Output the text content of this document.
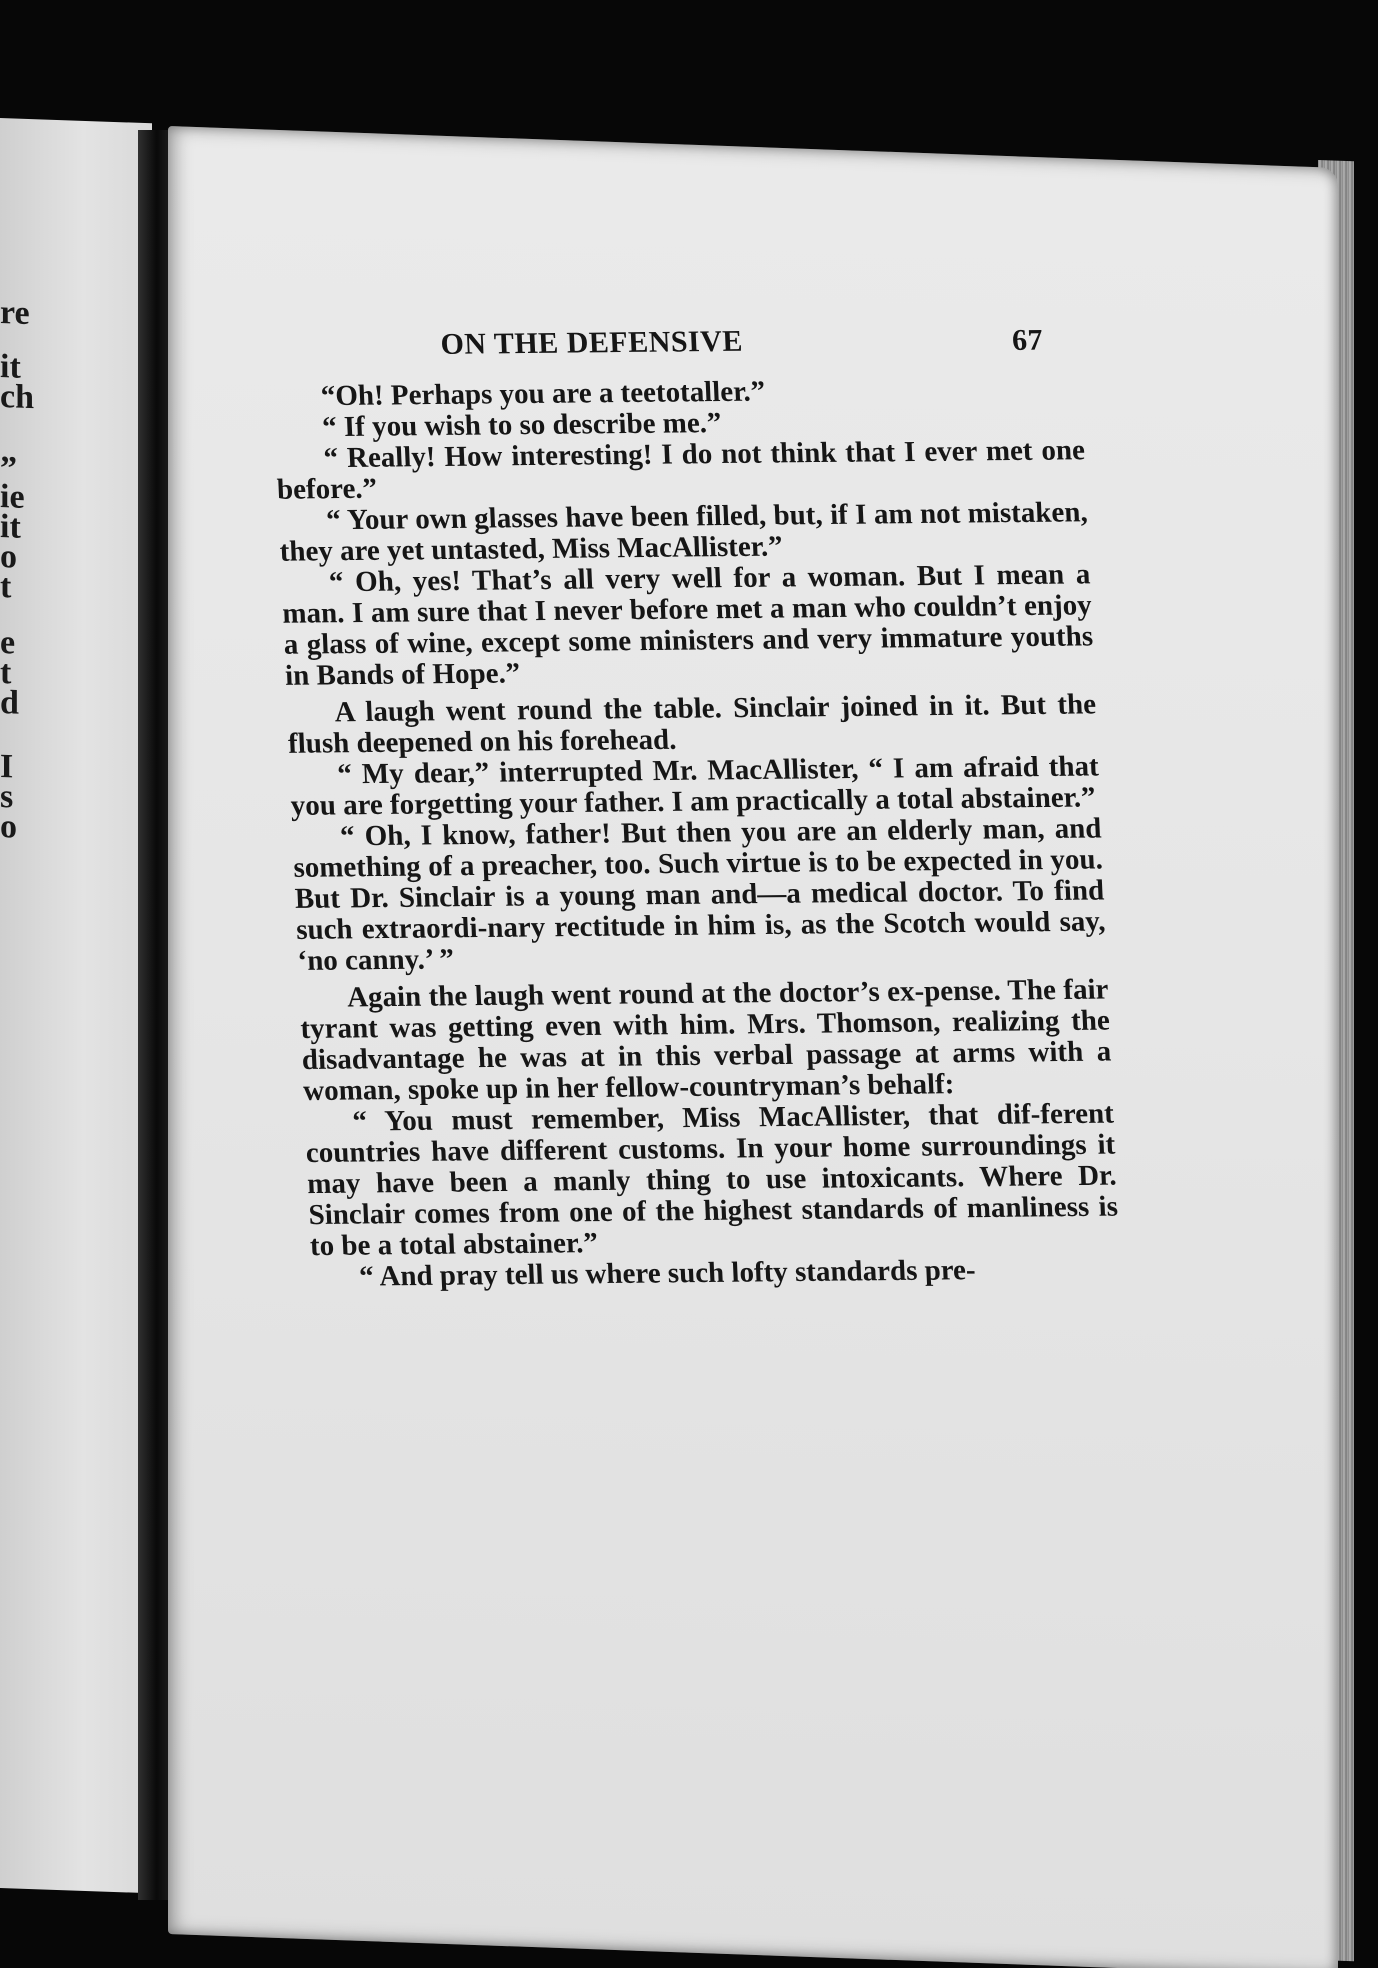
re
it
ch
”
ie
it
o
t
e
t
d
I
s
o
ON THE DEFENSIVE	67

“Oh! Perhaps you are a teetotaller.”

“ If you wish to so describe me.”

“ Really! How interesting! I do not think that I ever met one before.”

“ Your own glasses have been filled, but, if I am not mistaken, they are yet untasted, Miss MacAllister.”

“ Oh, yes! That’s all very well for a woman. But I mean a man. I am sure that I never before met a man who couldn’t enjoy a glass of wine, except some ministers and very immature youths in Bands of Hope.”

A laugh went round the table. Sinclair joined in it. But the flush deepened on his forehead.

“ My dear,” interrupted Mr. MacAllister, “ I am afraid that you are forgetting your father. I am practically a total abstainer.”

“ Oh, I know, father! But then you are an elderly man, and something of a preacher, too. Such virtue is to be expected in you. But Dr. Sinclair is a young man and—a medical doctor. To find such extraordi-nary rectitude in him is, as the Scotch would say, ‘no canny.’ ”

Again the laugh went round at the doctor’s ex-pense. The fair tyrant was getting even with him. Mrs. Thomson, realizing the disadvantage he was at in this verbal passage at arms with a woman, spoke up in her fellow-countryman’s behalf:

“ You must remember, Miss MacAllister, that dif-ferent countries have different customs. In your home surroundings it may have been a manly thing to use intoxicants. Where Dr. Sinclair comes from one of the highest standards of manliness is to be a total abstainer.”

“ And pray tell us where such lofty standards pre-
